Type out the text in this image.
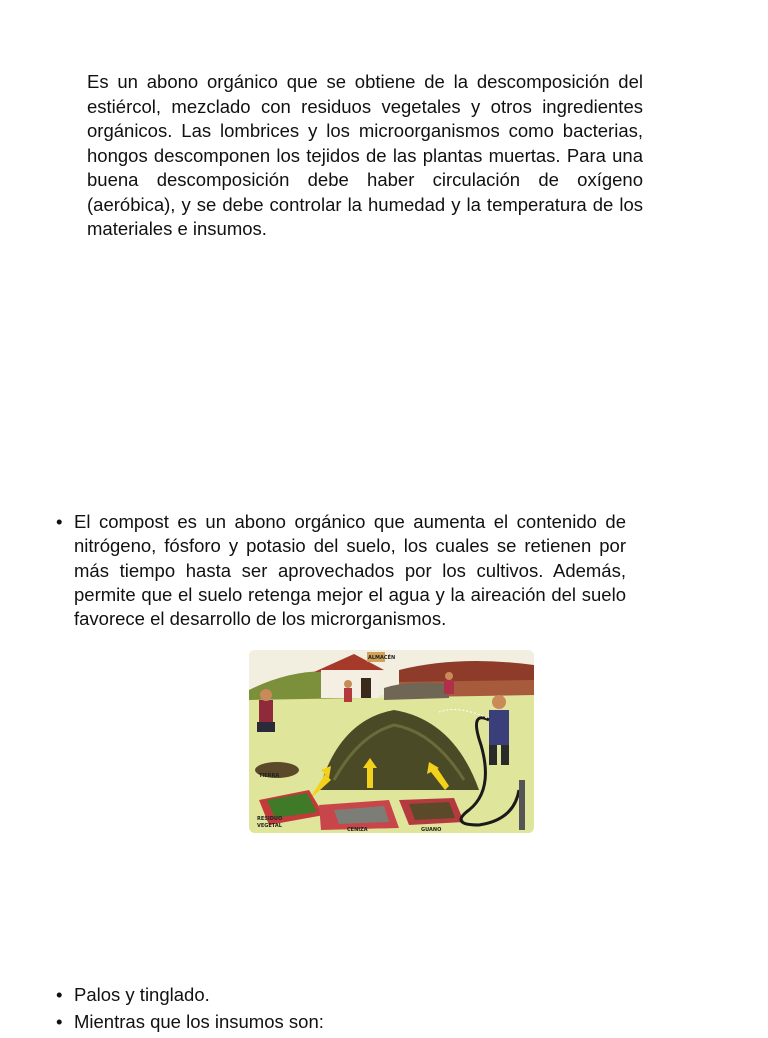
Es un abono orgánico que se obtiene de la descomposición del estiércol, mezclado con residuos vegetales y otros ingredientes orgánicos. Las lombrices y los microorganismos como bacterias, hongos descomponen los tejidos de las plantas muertas. Para una buena descomposición debe haber circulación de oxígeno (aeróbica), y se debe controlar la humedad y la temperatura de los materiales e insumos.

• El compost es un abono orgánico que aumenta el contenido de nitrógeno, fósforo y potasio del suelo, los cuales se retienen por más tiempo hasta ser aprovechados por los cultivos. Además, permite que el suelo retenga mejor el agua y la aireación del suelo favorece el desarrollo de los microrganismos.
ALMACÉN
TIERRA
RESIDUO
VEGETAL
CENIZA	GUANO
• Palos y tinglado.
• Mientras que los insumos son:
